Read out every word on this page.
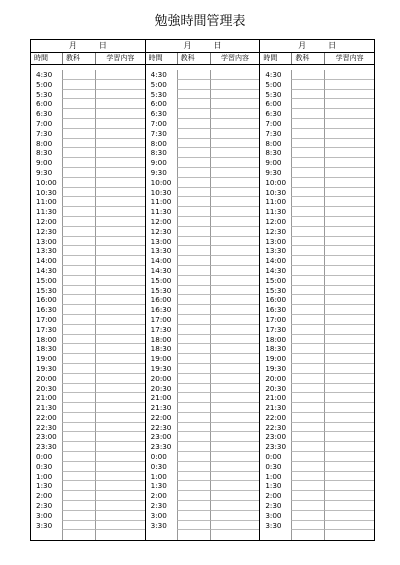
勉強時間管理表
月	日
時間	教科	学習内容
4:30
5:00
5:30
6:00
6:30
7:00
7:30
8:00
8:30
9:00
9:30
10:00
10:30
11:00
11:30
12:00
12:30
13:00
13:30
14:00
14:30
15:00
15:30
16:00
16:30
17:00
17:30
18:00
18:30
19:00
19:30
20:00
20:30
21:00
21:30
22:00
22:30
23:00
23:30
0:00
0:30
1:00
1:30
2:00
2:30
3:00
3:30
月	日
時間	教科	学習内容
4:30
5:00
5:30
6:00
6:30
7:00
7:30
8:00
8:30
9:00
9:30
10:00
10:30
11:00
11:30
12:00
12:30
13:00
13:30
14:00
14:30
15:00
15:30
16:00
16:30
17:00
17:30
18:00
18:30
19:00
19:30
20:00
20:30
21:00
21:30
22:00
22:30
23:00
23:30
0:00
0:30
1:00
1:30
2:00
2:30
3:00
3:30
月	日
時間	教科	学習内容
4:30
5:00
5:30
6:00
6:30
7:00
7:30
8:00
8:30
9:00
9:30
10:00
10:30
11:00
11:30
12:00
12:30
13:00
13:30
14:00
14:30
15:00
15:30
16:00
16:30
17:00
17:30
18:00
18:30
19:00
19:30
20:00
20:30
21:00
21:30
22:00
22:30
23:00
23:30
0:00
0:30
1:00
1:30
2:00
2:30
3:00
3:30
